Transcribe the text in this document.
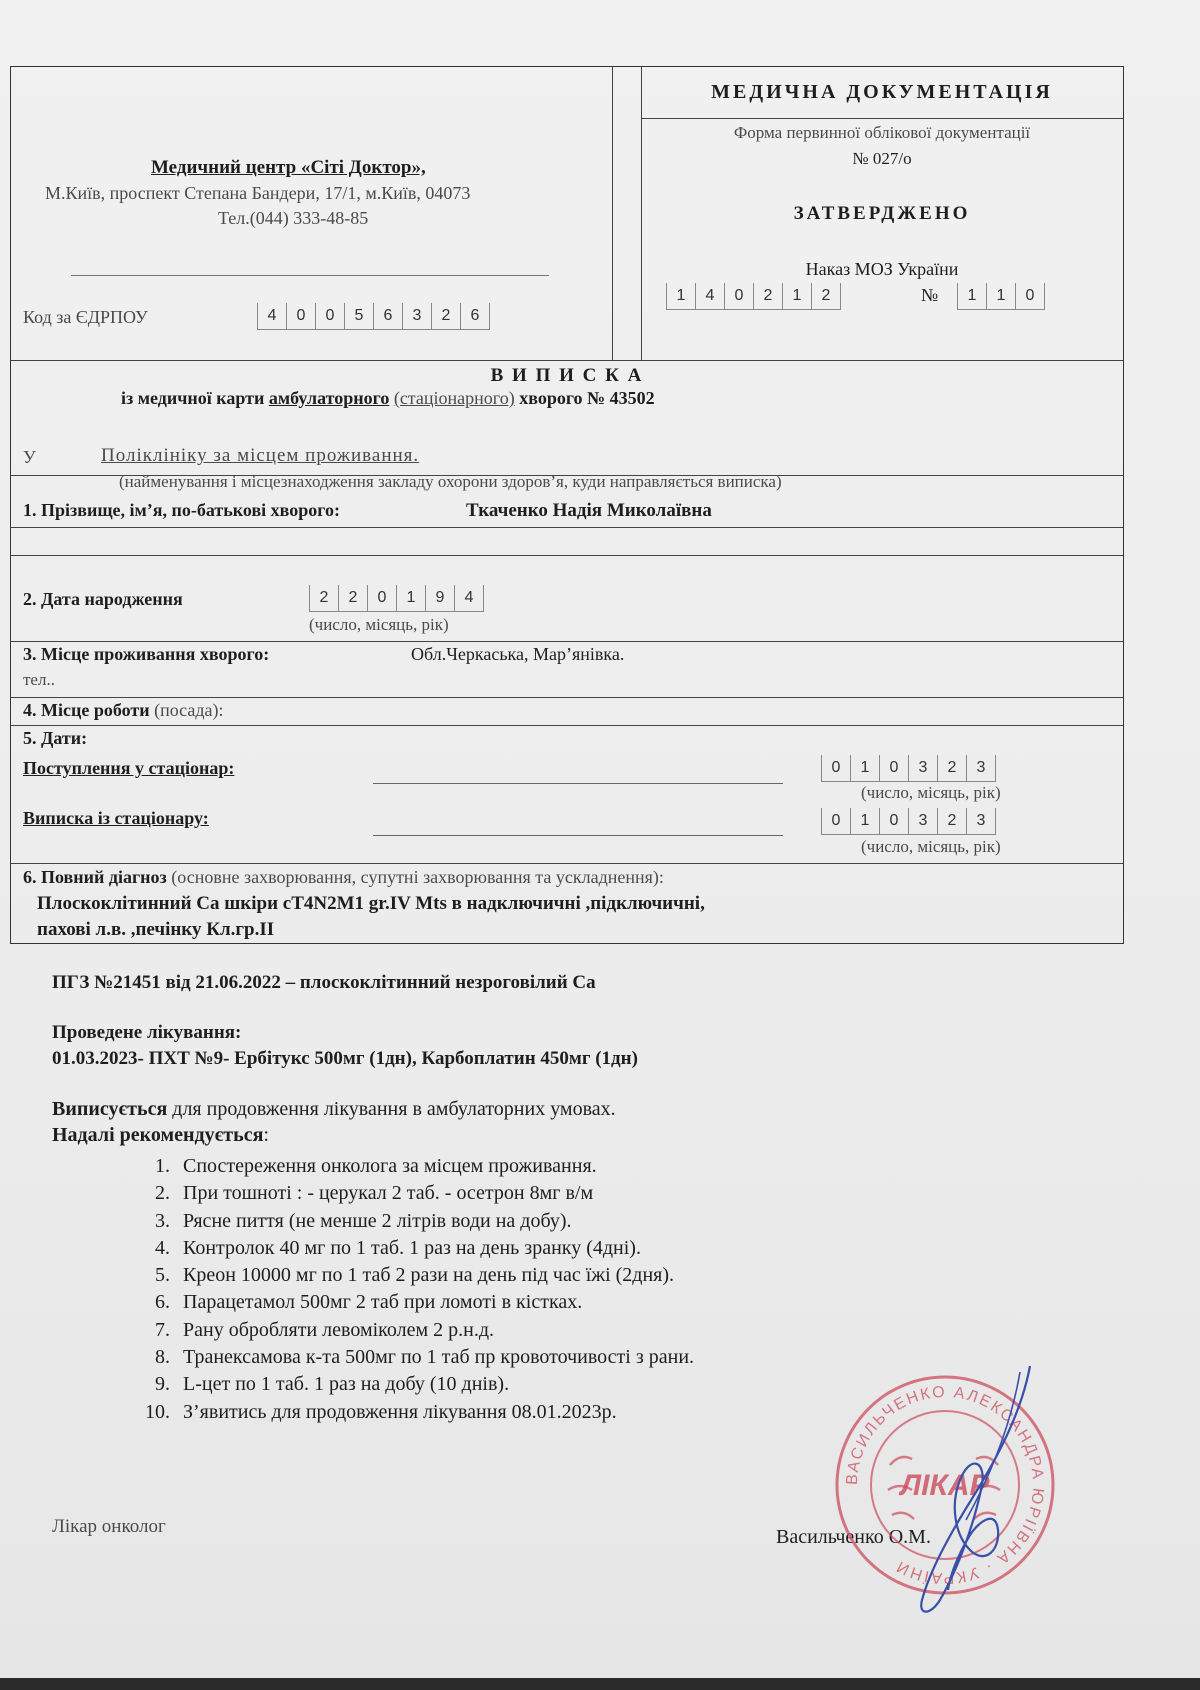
Медичний центр «Сіті Доктор»,
М.Київ, проспект Степана Бандери, 17/1, м.Київ, 04073
Тел.(044) 333-48-85
Код за ЄДРПОУ	4	0	0	5	6	3	2	6
МЕДИЧНА ДОКУМЕНТАЦІЯ
Форма первинної облікової документації
№ 027/о
ЗАТВЕРДЖЕНО
Наказ МОЗ України
1	4	0	2	1	2	№	1	1	0
В И П И С К А
із медичної карти амбулаторного (стаціонарного) хворого № 43502
У	Поліклініку за місцем проживання.
(найменування і місцезнаходження закладу охорони здоров’я, куди направляється виписка)
1. Прізвище, ім’я, по-батькові хворого:	Ткаченко Надія Миколаївна
2. Дата народження	2	2	0	1	9	4
(число, місяць, рік)
3. Місце проживання хворого:	Обл.Черкаська, Мар’янівка.
тел..
4. Місце роботи (посада):
5. Дати:
Поступлення у стаціонар:	0	1	0	3	2	3
(число, місяць, рік)
Виписка із стаціонару:	0	1	0	3	2	3
(число, місяць, рік)
6. Повний діагноз (основне захворювання, супутні захворювання та ускладнення):
Плоскоклітинний Са шкіри cT4N2M1 gr.IV Mts в надключичні ,підключичні,
пахові л.в. ,печінку Кл.гр.ІІ
ПГЗ №21451 від 21.06.2022 – плоскоклітинний незроговілий Са
Проведене лікування:
01.03.2023- ПХТ №9- Ербітукс 500мг (1дн), Карбоплатин 450мг (1дн)
Виписується для продовження лікування в амбулаторних умовах.
Надалі рекомендується:
1. Спостереження онколога за місцем проживання.
2. При тошноті : - церукал 2 таб. - осетрон 8мг в/м
3. Рясне пиття (не менше 2 літрів води на добу).
4. Контролок 40 мг по 1 таб. 1 раз на день зранку (4дні).
5. Креон 10000 мг по 1 таб 2 рази на день під час їжі (2дня).
6. Парацетамол 500мг 2 таб при ломоті в кістках.
7. Рану обробляти левоміколем 2 р.н.д.
8. Транексамова к-та 500мг по 1 таб пр кровоточивості з рани.
9. L-цет по 1 таб. 1 раз на добу (10 днів).
10. З’явитись для продовження лікування 08.01.2023р.
Лікар онколог	Васильченко О.М.
ВАСИЛЬЧЕНКО АЛЕКСАНДРА ЮРІЇВНА · УКРАЇНИ
ЛІКАР
